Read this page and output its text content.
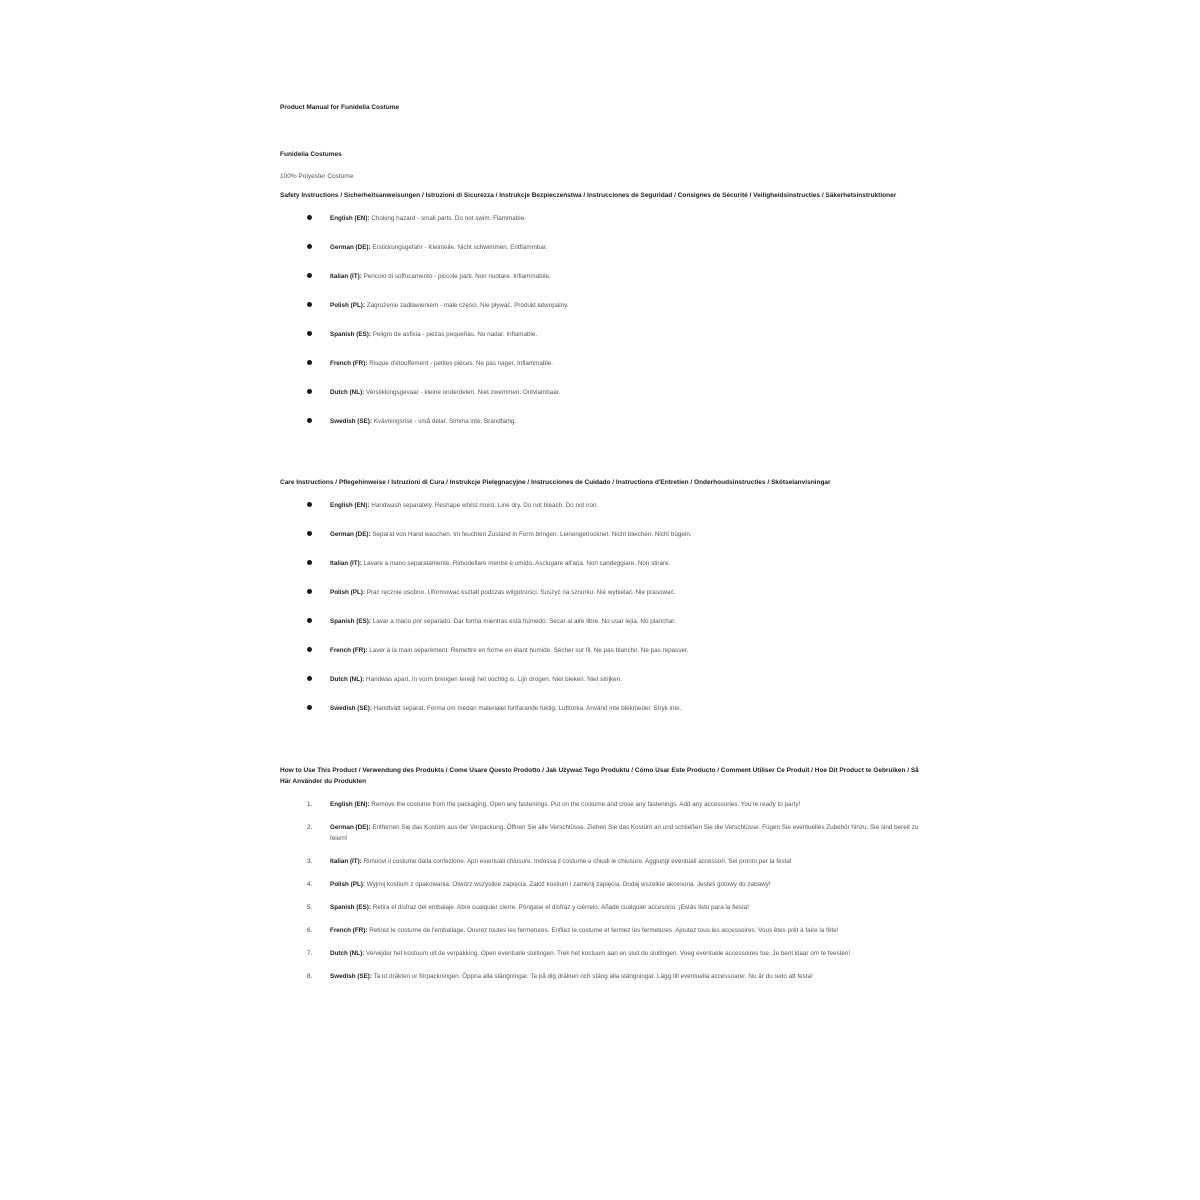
Product Manual for Funidelia Costume

Funidelia Costumes

100% Polyester Costume

Safety Instructions / Sicherheitsanweisungen / Istruzioni di Sicurezza / Instrukcje Bezpieczeństwa / Instrucciones de Seguridad / Consignes de Sécurité / Veiligheidsinstructies / Säkerhetsinstruktioner

English (EN): Choking hazard - small parts. Do not swim. Flammable.
German (DE): Erstickungsgefahr - Kleinteile. Nicht schwimmen. Entflammbar.
Italian (IT): Pericolo di soffocamento - piccole parti. Non nuotare. Infiammabile.
Polish (PL): Zagrożenie zadławieniem - małe części. Nie pływać. Produkt łatwopalny.
Spanish (ES): Peligro de asfixia - piezas pequeñas. No nadar. Inflamable.
French (FR): Risque d'étouffement - petites pièces. Ne pas nager. Inflammable.
Dutch (NL): Verstikkingsgevaar - kleine onderdelen. Niet zwemmen. Ontvlambaar.
Swedish (SE): Kvävningsrisk - små delar. Simma inte. Brandfarlig.

Care Instructions / Pflegehinweise / Istruzioni di Cura / Instrukcje Pielęgnacyjne / Instrucciones de Cuidado / Instructions d'Entretien / Onderhoudsinstructies / Skötselanvisningar

English (EN): Handwash separately. Reshape whilst moist. Line dry. Do not bleach. Do not iron.
German (DE): Separat von Hand waschen. Im feuchten Zustand in Form bringen. Leinengetrocknet. Nicht bleichen. Nicht bügeln.
Italian (IT): Lavare a mano separatamente. Rimodellare mentre è umido. Asciugare all'aria. Non candeggiare. Non stirare.
Polish (PL): Prać ręcznie osobno. Uformować kształt podczas wilgotności. Suszyć na sznurku. Nie wybielać. Nie prasować.
Spanish (ES): Lavar a mano por separado. Dar forma mientras está húmedo. Secar al aire libre. No usar lejía. No planchar.
French (FR): Laver à la main séparément. Remettre en forme en étant humide. Sécher sur fil. Ne pas blanchir. Ne pas repasser.
Dutch (NL): Handwas apart. In vorm brengen terwijl het vochtig is. Lijn drogen. Niet bleken. Niet strijken.
Swedish (SE): Handtvätt separat. Forma om medan materialet fortfarande fuktig. Lufttorka. Använd inte blekmedel. Stryk inte.

How to Use This Product / Verwendung des Produkts / Come Usare Questo Prodotto / Jak Używać Tego Produktu / Cómo Usar Este Producto / Comment Utiliser Ce Produit / Hoe Dit Product te Gebruiken / Så Här Använder du Produkten

1.	English (EN): Remove the costume from the packaging. Open any fastenings. Put on the costume and close any fastenings. Add any accessories. You're ready to party!
2.	German (DE): Entfernen Sie das Kostüm aus der Verpackung. Öffnen Sie alle Verschlüsse. Ziehen Sie das Kostüm an und schließen Sie die Verschlüsse. Fügen Sie eventuelles Zubehör hinzu. Sie sind bereit zu feiern!
3.	Italian (IT): Rimuovi il costume dalla confezione. Apri eventuali chiusure. Indossa il costume e chiudi le chiusure. Aggiungi eventuali accessori. Sei pronto per la festa!
4.	Polish (PL): Wyjmij kostium z opakowania. Otwórz wszystkie zapięcia. Załóż kostium i zamknij zapięcia. Dodaj wszelkie akcesoria. Jesteś gotowy do zabawy!
5.	Spanish (ES): Retira el disfraz del embalaje. Abre cualquier cierre. Póngase el disfraz y ciérrelo. Añade cualquier accesorio. ¡Estás listo para la fiesta!
6.	French (FR): Retirez le costume de l'emballage. Ouvrez toutes les fermetures. Enfilez le costume et fermez les fermetures. Ajoutez tous les accessoires. Vous êtes prêt à faire la fête!
7.	Dutch (NL): Verwijder het kostuum uit de verpakking. Open eventuele sluitingen. Trek het kostuum aan en sluit de sluitingen. Voeg eventuele accessoires toe. Je bent klaar om te feesten!
8.	Swedish (SE): Ta ut dräkten ur förpackningen. Öppna alla stängningar. Ta på dig dräkten och stäng alla stängningar. Lägg till eventuella accessoarer. Nu är du redo att festa!
